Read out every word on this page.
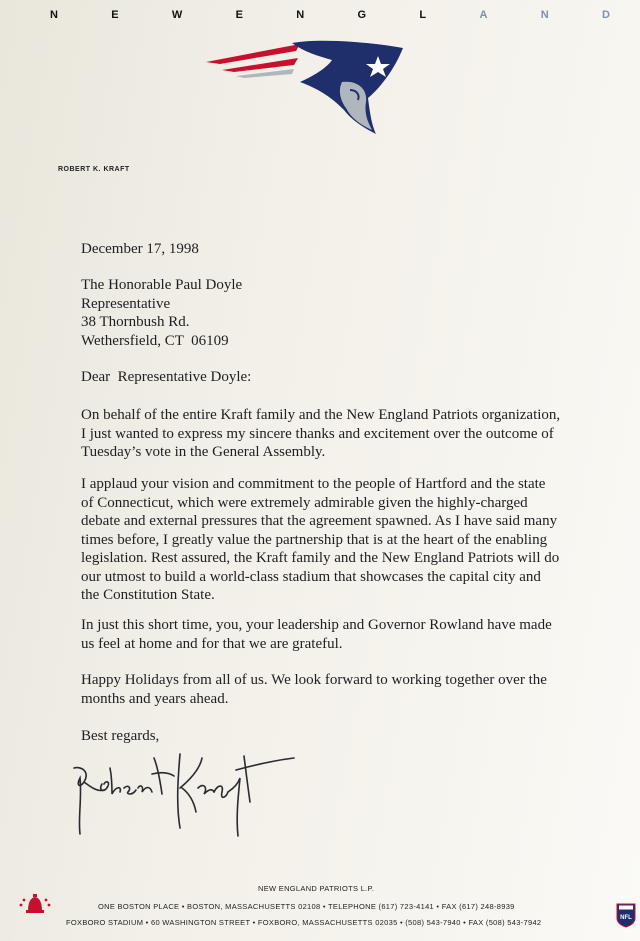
N	E	W	E	N	G	L	A	N	D
ROBERT K. KRAFT
December 17, 1998
The Honorable Paul Doyle
Representative
38 Thornbush Rd.
Wethersfield, CT  06109
Dear  Representative Doyle:
On behalf of the entire Kraft family and the New England Patriots organization, I just wanted to express my sincere thanks and excitement over the outcome of Tuesday’s vote in the General Assembly.
I applaud your vision and commitment to the people of Hartford and the state of Connecticut, which were extremely admirable given the highly-charged debate and external pressures that the agreement spawned. As I have said many times before, I greatly value the partnership that is at the heart of the enabling legislation. Rest assured, the Kraft family and the New England Patriots will do our utmost to build a world-class stadium that showcases the capital city and the Constitution State.
In just this short time, you, your leadership and Governor Rowland have made us feel at home and for that we are grateful.
Happy Holidays from all of us. We look forward to working together over the months and years ahead.
Best regards,
NEW ENGLAND PATRIOTS L.P.
ONE BOSTON PLACE • BOSTON, MASSACHUSETTS 02108 • TELEPHONE (617) 723-4141 • FAX (617) 248-8939
FOXBORO STADIUM • 60 WASHINGTON STREET • FOXBORO, MASSACHUSETTS 02035 • (508) 543-7940 • FAX (508) 543-7942	NFL
